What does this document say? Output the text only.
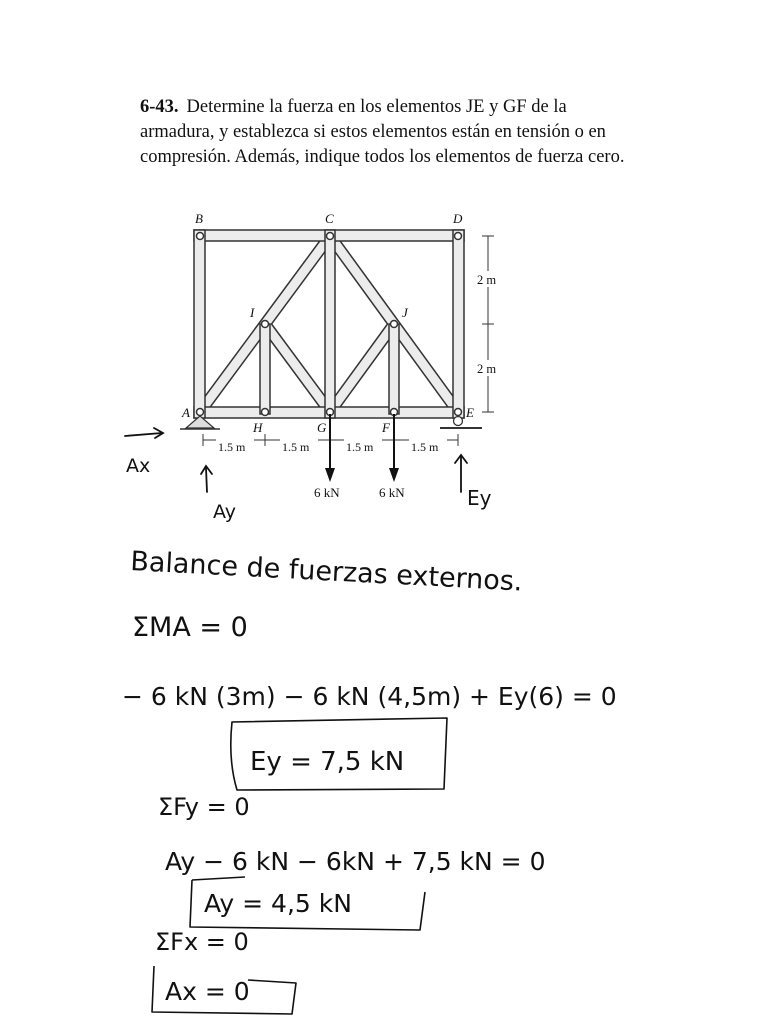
6-43. Determine la fuerza en los elementos JE y GF de la armadura, y establezca si estos elementos están en tensión o en compresión. Además, indique todos los elementos de fuerza cero.
B	C	D
I	J
A
H	G	F
E
2 m
2 m
1.5 m	1.5 m	1.5 m	1.5 m
6 kN	6 kN
Ax
Ay
Ey
Balance de fuerzas externos.
ΣMA = 0
− 6 kN (3m) − 6 kN (4,5m) + Ey(6) = 0
Ey = 7,5 kN
ΣFy = 0
Ay − 6 kN − 6kN + 7,5 kN = 0
Ay = 4,5 kN
ΣFx = 0
Ax = 0
